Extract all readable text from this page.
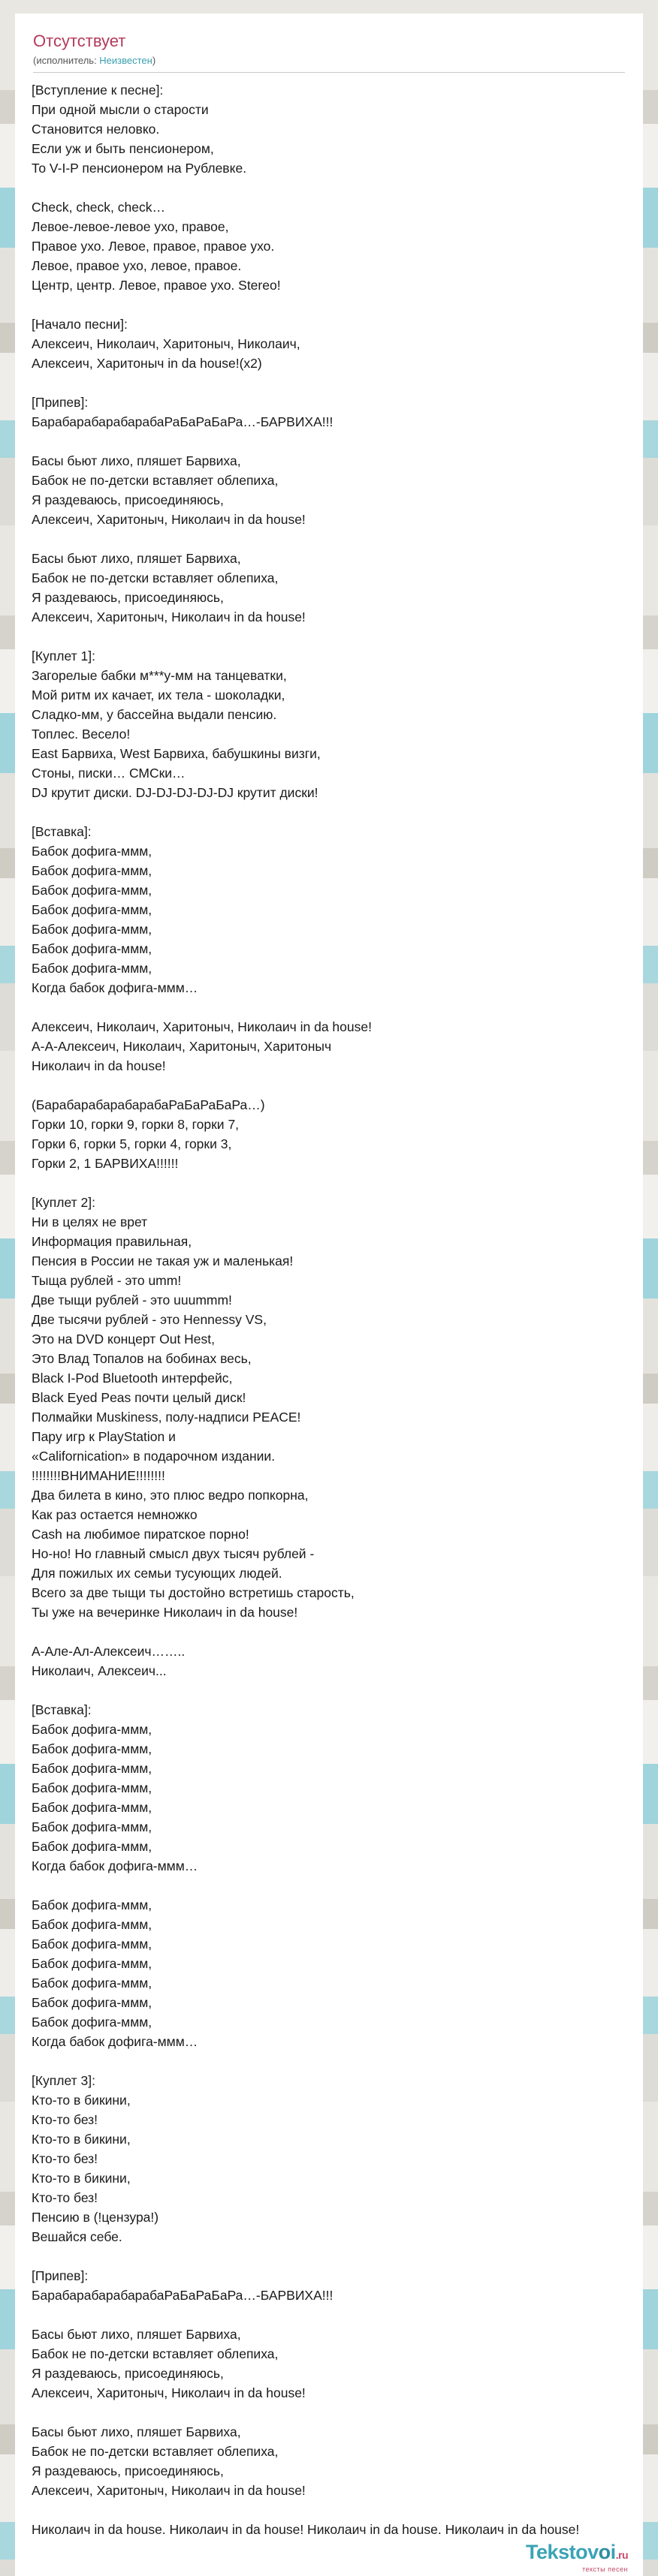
Отсутствует
(исполнитель: Неизвестен)
[Вступление к песне]:
При одной мысли о старости
Становится неловко.
Если уж и быть пенсионером,
То V-I-P пенсионером на Рублевке.
Check, check, check…
Левое-левое-левое ухо, правое,
Правое ухо. Левое, правое, правое ухо.
Левое, правое ухо, левое, правое.
Центр, центр. Левое, правое ухо. Stereo!
[Начало песни]:
Алексеич, Николаич, Харитоныч, Николаич,
Алексеич, Харитоныч in da house!(x2)
[Припев]:
БарабарабарабарабаРаБаРаБаРа…-БАРВИХА!!!
Басы бьют лихо, пляшет Барвиха,
Бабок не по-детски вставляет облепиха,
Я раздеваюсь, присоединяюсь,
Алексеич, Харитоныч, Николаич in da house!
Басы бьют лихо, пляшет Барвиха,
Бабок не по-детски вставляет облепиха,
Я раздеваюсь, присоединяюсь,
Алексеич, Харитоныч, Николаич in da house!
[Куплет 1]:
Загорелые бабки м***у-мм на танцеватки,
Мой ритм их качает, их тела - шоколадки,
Сладко-мм, у бассейна выдали пенсию.
Топлес. Весело!
East Барвиха, West Барвиха, бабушкины визги,
Стоны, писки… СМСки…
DJ крутит диски. DJ-DJ-DJ-DJ-DJ крутит диски!
[Вставка]:
Бабок дофига-ммм,
Бабок дофига-ммм,
Бабок дофига-ммм,
Бабок дофига-ммм,
Бабок дофига-ммм,
Бабок дофига-ммм,
Бабок дофига-ммм,
Когда бабок дофига-ммм…
Алексеич, Николаич, Харитоныч, Николаич in da house!
А-А-Алексеич, Николаич, Харитоныч, Харитоныч
Николаич in da house!
(БарабарабарабарабаРаБаРаБаРа…)
Горки 10, горки 9, горки 8, горки 7,
Горки 6, горки 5, горки 4, горки 3,
Горки 2, 1 БАРВИХА!!!!!!
[Куплет 2]:
Ни в целях не врет
Информация правильная,
Пенсия в России не такая уж и маленькая!
Тыща рублей - это umm!
Две тыщи рублей - это uuummm!
Две тысячи рублей - это Hennessy VS,
Это на DVD концерт Out Hest,
Это Влад Топалов на бобинах весь,
Black I-Pod Bluetooth интерфейс,
Black Eyed Peas почти целый диск!
Полмайки Muskiness, полу-надписи PEACE!
Пару игр к PlayStation и
«Californication» в подарочном издании.
!!!!!!!!ВНИМАНИЕ!!!!!!!!
Два билета в кино, это плюс ведро попкорна,
Как раз остается немножко
Cash на любимое пиратское порно!
Но-но! Но главный смысл двух тысяч рублей -
Для пожилых их семьи тусующих людей.
Всего за две тыщи ты достойно встретишь старость,
Ты уже на вечеринке Николаич in da house!
А-Але-Ал-Алексеич……..
Николаич, Алексеич...
[Вставка]:
Бабок дофига-ммм,
Бабок дофига-ммм,
Бабок дофига-ммм,
Бабок дофига-ммм,
Бабок дофига-ммм,
Бабок дофига-ммм,
Бабок дофига-ммм,
Когда бабок дофига-ммм…
Бабок дофига-ммм,
Бабок дофига-ммм,
Бабок дофига-ммм,
Бабок дофига-ммм,
Бабок дофига-ммм,
Бабок дофига-ммм,
Бабок дофига-ммм,
Когда бабок дофига-ммм…
[Куплет 3]:
Кто-то в бикини,
Кто-то без!
Кто-то в бикини,
Кто-то без!
Кто-то в бикини,
Кто-то без!
Пенсию в (!цензура!)
Вешайся себе.
[Припев]:
БарабарабарабарабаРаБаРаБаРа…-БАРВИХА!!!
Басы бьют лихо, пляшет Барвиха,
Бабок не по-детски вставляет облепиха,
Я раздеваюсь, присоединяюсь,
Алексеич, Харитоныч, Николаич in da house!
Басы бьют лихо, пляшет Барвиха,
Бабок не по-детски вставляет облепиха,
Я раздеваюсь, присоединяюсь,
Алексеич, Харитоныч, Николаич in da house!
Николаич in da house. Николаич in da house! Николаич in da house. Николаич in da house!
Tekstovoi.ru
тексты песен
